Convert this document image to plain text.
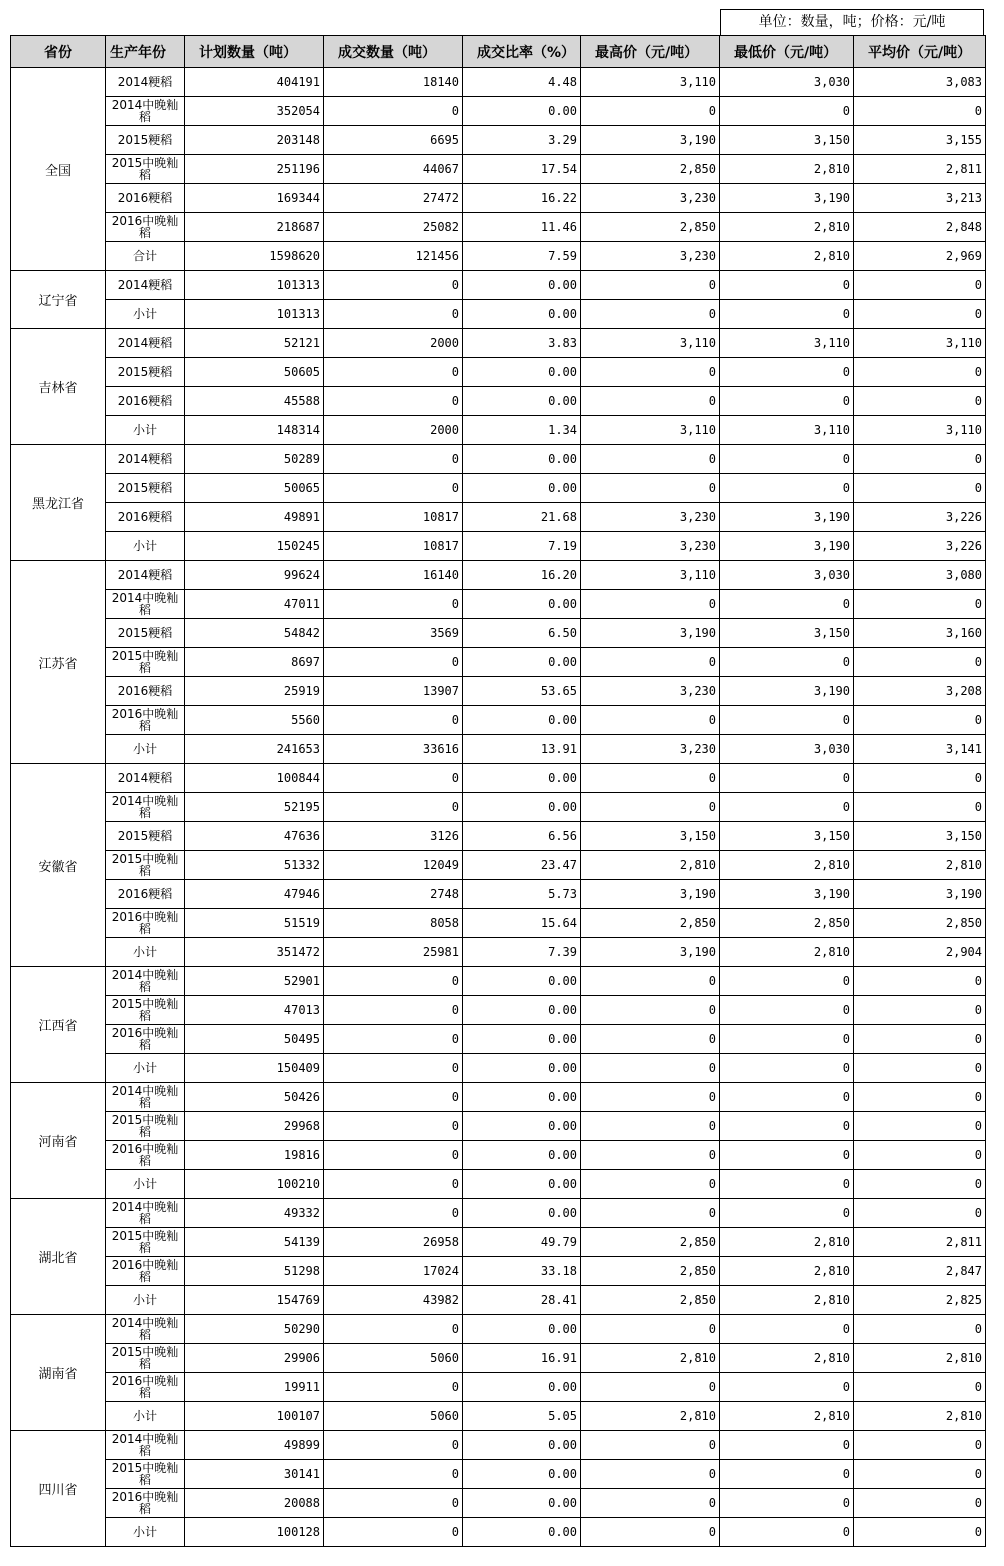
单位：数量，吨；价格：元/吨
省份	生产年份	计划数量（吨）	成交数量（吨）	成交比率（%）	最高价（元/吨）	最低价（元/吨）	平均价（元/吨）
全国	2014粳稻	404191	18140	4.48	3,110	3,030	3,083
	2014中晚籼稻	352054	0	0.00	0	0	0
	2015粳稻	203148	6695	3.29	3,190	3,150	3,155
	2015中晚籼稻	251196	44067	17.54	2,850	2,810	2,811
	2016粳稻	169344	27472	16.22	3,230	3,190	3,213
	2016中晚籼稻	218687	25082	11.46	2,850	2,810	2,848
	合计	1598620	121456	7.59	3,230	2,810	2,969
辽宁省	2014粳稻	101313	0	0.00	0	0	0
	小计	101313	0	0.00	0	0	0
吉林省	2014粳稻	52121	2000	3.83	3,110	3,110	3,110
	2015粳稻	50605	0	0.00	0	0	0
	2016粳稻	45588	0	0.00	0	0	0
	小计	148314	2000	1.34	3,110	3,110	3,110
黑龙江省	2014粳稻	50289	0	0.00	0	0	0
	2015粳稻	50065	0	0.00	0	0	0
	2016粳稻	49891	10817	21.68	3,230	3,190	3,226
	小计	150245	10817	7.19	3,230	3,190	3,226
江苏省	2014粳稻	99624	16140	16.20	3,110	3,030	3,080
	2014中晚籼稻	47011	0	0.00	0	0	0
	2015粳稻	54842	3569	6.50	3,190	3,150	3,160
	2015中晚籼稻	8697	0	0.00	0	0	0
	2016粳稻	25919	13907	53.65	3,230	3,190	3,208
	2016中晚籼稻	5560	0	0.00	0	0	0
	小计	241653	33616	13.91	3,230	3,030	3,141
安徽省	2014粳稻	100844	0	0.00	0	0	0
	2014中晚籼稻	52195	0	0.00	0	0	0
	2015粳稻	47636	3126	6.56	3,150	3,150	3,150
	2015中晚籼稻	51332	12049	23.47	2,810	2,810	2,810
	2016粳稻	47946	2748	5.73	3,190	3,190	3,190
	2016中晚籼稻	51519	8058	15.64	2,850	2,850	2,850
	小计	351472	25981	7.39	3,190	2,810	2,904
江西省	2014中晚籼稻	52901	0	0.00	0	0	0
	2015中晚籼稻	47013	0	0.00	0	0	0
	2016中晚籼稻	50495	0	0.00	0	0	0
	小计	150409	0	0.00	0	0	0
河南省	2014中晚籼稻	50426	0	0.00	0	0	0
	2015中晚籼稻	29968	0	0.00	0	0	0
	2016中晚籼稻	19816	0	0.00	0	0	0
	小计	100210	0	0.00	0	0	0
湖北省	2014中晚籼稻	49332	0	0.00	0	0	0
	2015中晚籼稻	54139	26958	49.79	2,850	2,810	2,811
	2016中晚籼稻	51298	17024	33.18	2,850	2,810	2,847
	小计	154769	43982	28.41	2,850	2,810	2,825
湖南省	2014中晚籼稻	50290	0	0.00	0	0	0
	2015中晚籼稻	29906	5060	16.91	2,810	2,810	2,810
	2016中晚籼稻	19911	0	0.00	0	0	0
	小计	100107	5060	5.05	2,810	2,810	2,810
四川省	2014中晚籼稻	49899	0	0.00	0	0	0
	2015中晚籼稻	30141	0	0.00	0	0	0
	2016中晚籼稻	20088	0	0.00	0	0	0
	小计	100128	0	0.00	0	0	0
